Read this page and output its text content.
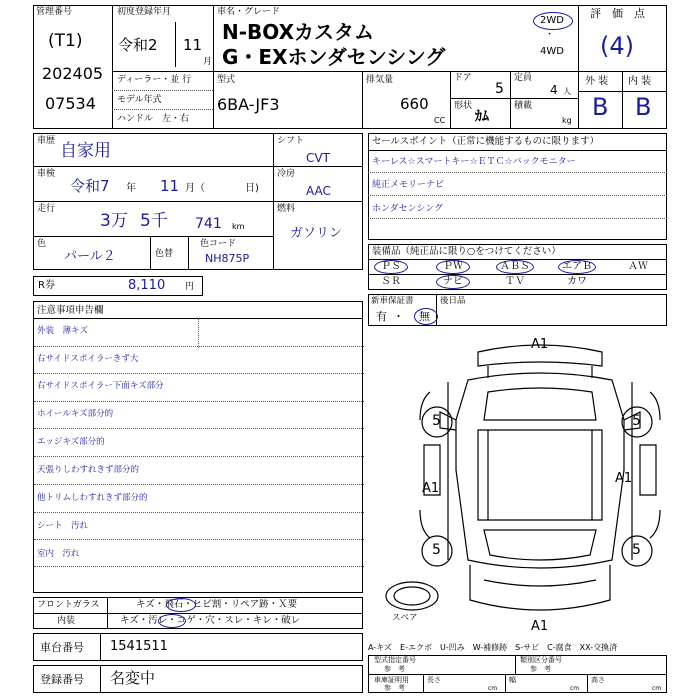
管理番号
(T1)
202405
07534
初度登録年月
令和2 11
月
ディーラー・並 行
モデル年式
ハンドル　左・右
車名・グレード
N-BOXカスタム
G・EXホンダセンシング
2WD
・
4WD
評　価　点
(4)
外 装 内 装
B B
型式
6BA-JF3
排気量
660
CC
ドア
5
定員
4 人
形状
ｶﾑ
積載
kg
車歴 自家用
車検
令和7 年 11 月（	日)
走行
3万 5千 741 km
色
パール２	色替
色コード
NH875P
シフト
CVT
冷房
AAC
燃料
ガソリン
R券	8,110 円
セールスポイント（正常に機能するものに限ります）
キーレス☆スマートキー☆ＥＴＣ☆バックモニター
純正メモリーナビ
ホンダセンシング
装備品（純正品に限り○をつけてください）
ＰＳ	ＰＷ	ＡＢＳ	エアＢ	ＡＷ
ＳＲ	ナビ	ＴＶ	カワ
新車保証書
有 ・ 無
後日品
注意事項申告欄
外装　薄キズ
右サイドスポイラーきず大
右サイドスポイラー下面キズ部分
ホイールキズ部分的
エッジキズ部分的
天張りしわすれきず部分的
他トリムしわすれきず部分的
シート　汚れ
室内　汚れ
A1
5	5
5	5
A1
A1
A1
スペア
フロントガラス	キズ・飛石・ヒビ割・リペア跡・Ｘ要
内装	キズ・汚レ・コゲ・穴・スレ・キレ・破レ
車台番号 1541511
登録番号 名変中
A-キズ　E-エクボ　U-凹み　W-補修跡　S-サビ　C-腐食　XX-交換済
型式指定番号
参　考
類別区分番号
参　考
車庫証明用
参　考
長さ
cm
幅
cm
高さ
cm
